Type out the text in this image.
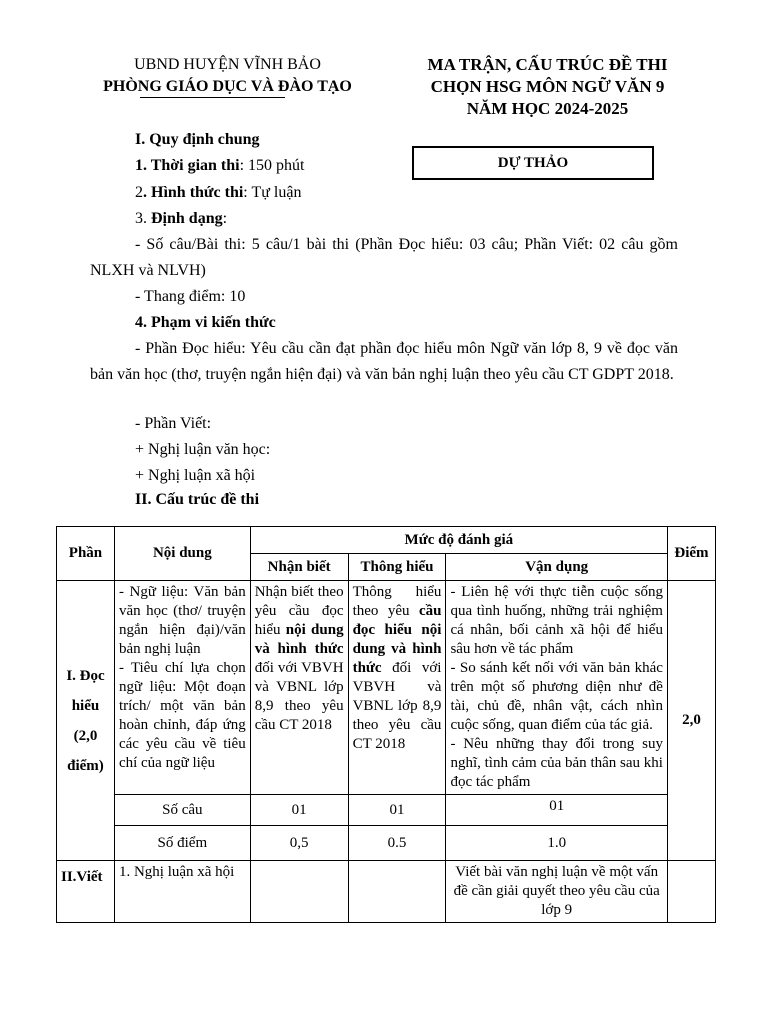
UBND HUYỆN VĨNH BẢO
PHÒNG GIÁO DỤC VÀ ĐÀO TẠO
MA TRẬN, CẤU TRÚC ĐỀ THI
CHỌN HSG MÔN NGỮ VĂN 9
NĂM HỌC 2024-2025
DỰ THẢO
I. Quy định chung
1. Thời gian thi: 150 phút
2. Hình thức thi: Tự luận
3. Định dạng:
- Số câu/Bài thi: 5 câu/1 bài thi (Phần Đọc hiểu: 03 câu; Phần Viết: 02 câu gồm NLXH và NLVH)
- Thang điểm: 10
4. Phạm vi kiến thức
- Phần Đọc hiểu: Yêu cầu cần đạt phần đọc hiểu môn Ngữ văn lớp 8, 9 về đọc văn bản văn học (thơ, truyện ngắn hiện đại) và văn bản nghị luận theo yêu cầu CT GDPT 2018.
- Phần Viết:
+ Nghị luận văn học:
+ Nghị luận xã hội
II. Cấu trúc đề thi
Phần	Nội dung	Mức độ đánh giá			Điểm
		Nhận biết	Thông hiểu	Vận dụng	
I. Đọc hiểu (2,0 điểm)	- Ngữ liệu: Văn bản văn học (thơ/ truyện ngắn hiện đại)/văn bản nghị luận
- Tiêu chí lựa chọn ngữ liệu: Một đoạn trích/ một văn bản hoàn chỉnh, đáp ứng các yêu cầu về tiêu chí của ngữ liệu	Nhận biết theo yêu cầu đọc hiểu nội dung và hình thức đối với VBVH và VBNL lớp 8,9 theo yêu cầu CT 2018	Thông hiểu theo yêu cầu đọc hiểu nội dung và hình thức đối với VBVH và VBNL lớp 8,9 theo yêu cầu CT 2018	- Liên hệ với thực tiễn cuộc sống qua tình huống, những trải nghiệm cá nhân, bối cảnh xã hội để hiểu sâu hơn về tác phẩm
- So sánh kết nối với văn bản khác trên một số phương diện như đề tài, chủ đề, nhân vật, cách nhìn cuộc sống, quan điểm của tác giả.
- Nêu những thay đổi trong suy nghĩ, tình cảm của bản thân sau khi đọc tác phẩm	2,0
	Số câu	01	01	01	
	Số điểm	0,5	0.5	1.0	
II.Viết	1. Nghị luận xã hội			Viết bài văn nghị luận về một vấn đề cần giải quyết theo yêu cầu của lớp 9	
